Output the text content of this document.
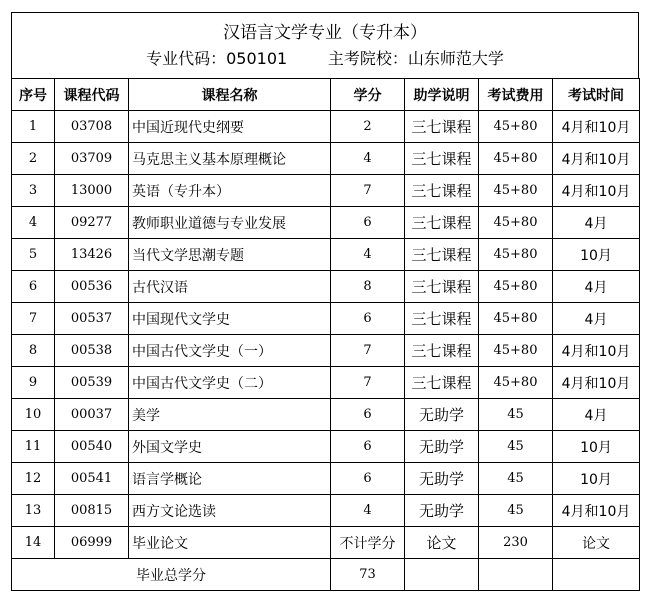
汉语言文学专业（专升本）
专业代码：050101	主考院校：山东师范大学
序号	课程代码	课程名称	学分	助学说明	考试费用	考试时间
1	03708	中国近现代史纲要	2	三七课程	45+80	4月和10月
2	03709	马克思主义基本原理概论	4	三七课程	45+80	4月和10月
3	13000	英语（专升本）	7	三七课程	45+80	4月和10月
4	09277	教师职业道德与专业发展	6	三七课程	45+80	4月
5	13426	当代文学思潮专题	4	三七课程	45+80	10月
6	00536	古代汉语	8	三七课程	45+80	4月
7	00537	中国现代文学史	6	三七课程	45+80	4月
8	00538	中国古代文学史（一）	7	三七课程	45+80	4月和10月
9	00539	中国古代文学史（二）	7	三七课程	45+80	4月和10月
10	00037	美学	6	无助学	45	4月
11	00540	外国文学史	6	无助学	45	10月
12	00541	语言学概论	6	无助学	45	10月
13	00815	西方文论选读	4	无助学	45	4月和10月
14	06999	毕业论文	不计学分	论文	230	论文
毕业总学分			73			
